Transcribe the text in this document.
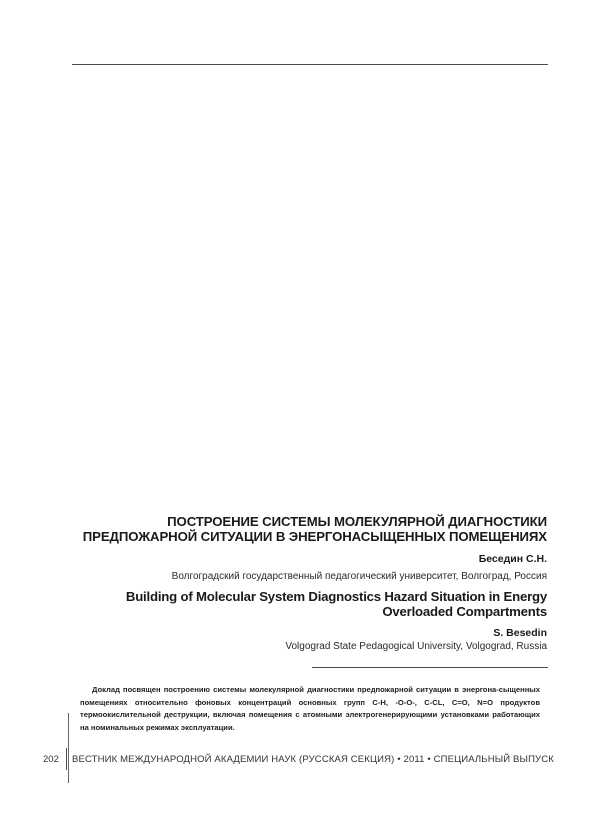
ПОСТРОЕНИЕ СИСТЕМЫ МОЛЕКУЛЯРНОЙ ДИАГНОСТИКИ
ПРЕДПОЖАРНОЙ СИТУАЦИИ В ЭНЕРГОНАСЫЩЕННЫХ ПОМЕЩЕНИЯХ
Беседин С.Н.
Волгоградский государственный педагогический университет, Волгоград, Россия
Building of Molecular System Diagnostics Hazard Situation in Energy
Overloaded Compartments
S. Besedin
Volgograd State Pedagogical University, Volgograd, Russia
Доклад посвящен построению системы молекулярной диагностики предпожарной ситуации в энергона-сыщенных помещениях относительно фоновых концентраций основных групп С-Н, -О-О-, С-СL, С=О, N=О продуктов термоокислительной деструкции, включая помещения с атомными электрогенерирующими установками работающих на номинальных режимах эксплуатации.
202 ВЕСТНИК МЕЖДУНАРОДНОЙ АКАДЕМИИ НАУК (РУССКАЯ СЕКЦИЯ) • 2011 • СПЕЦИАЛЬНЫЙ ВЫПУСК
